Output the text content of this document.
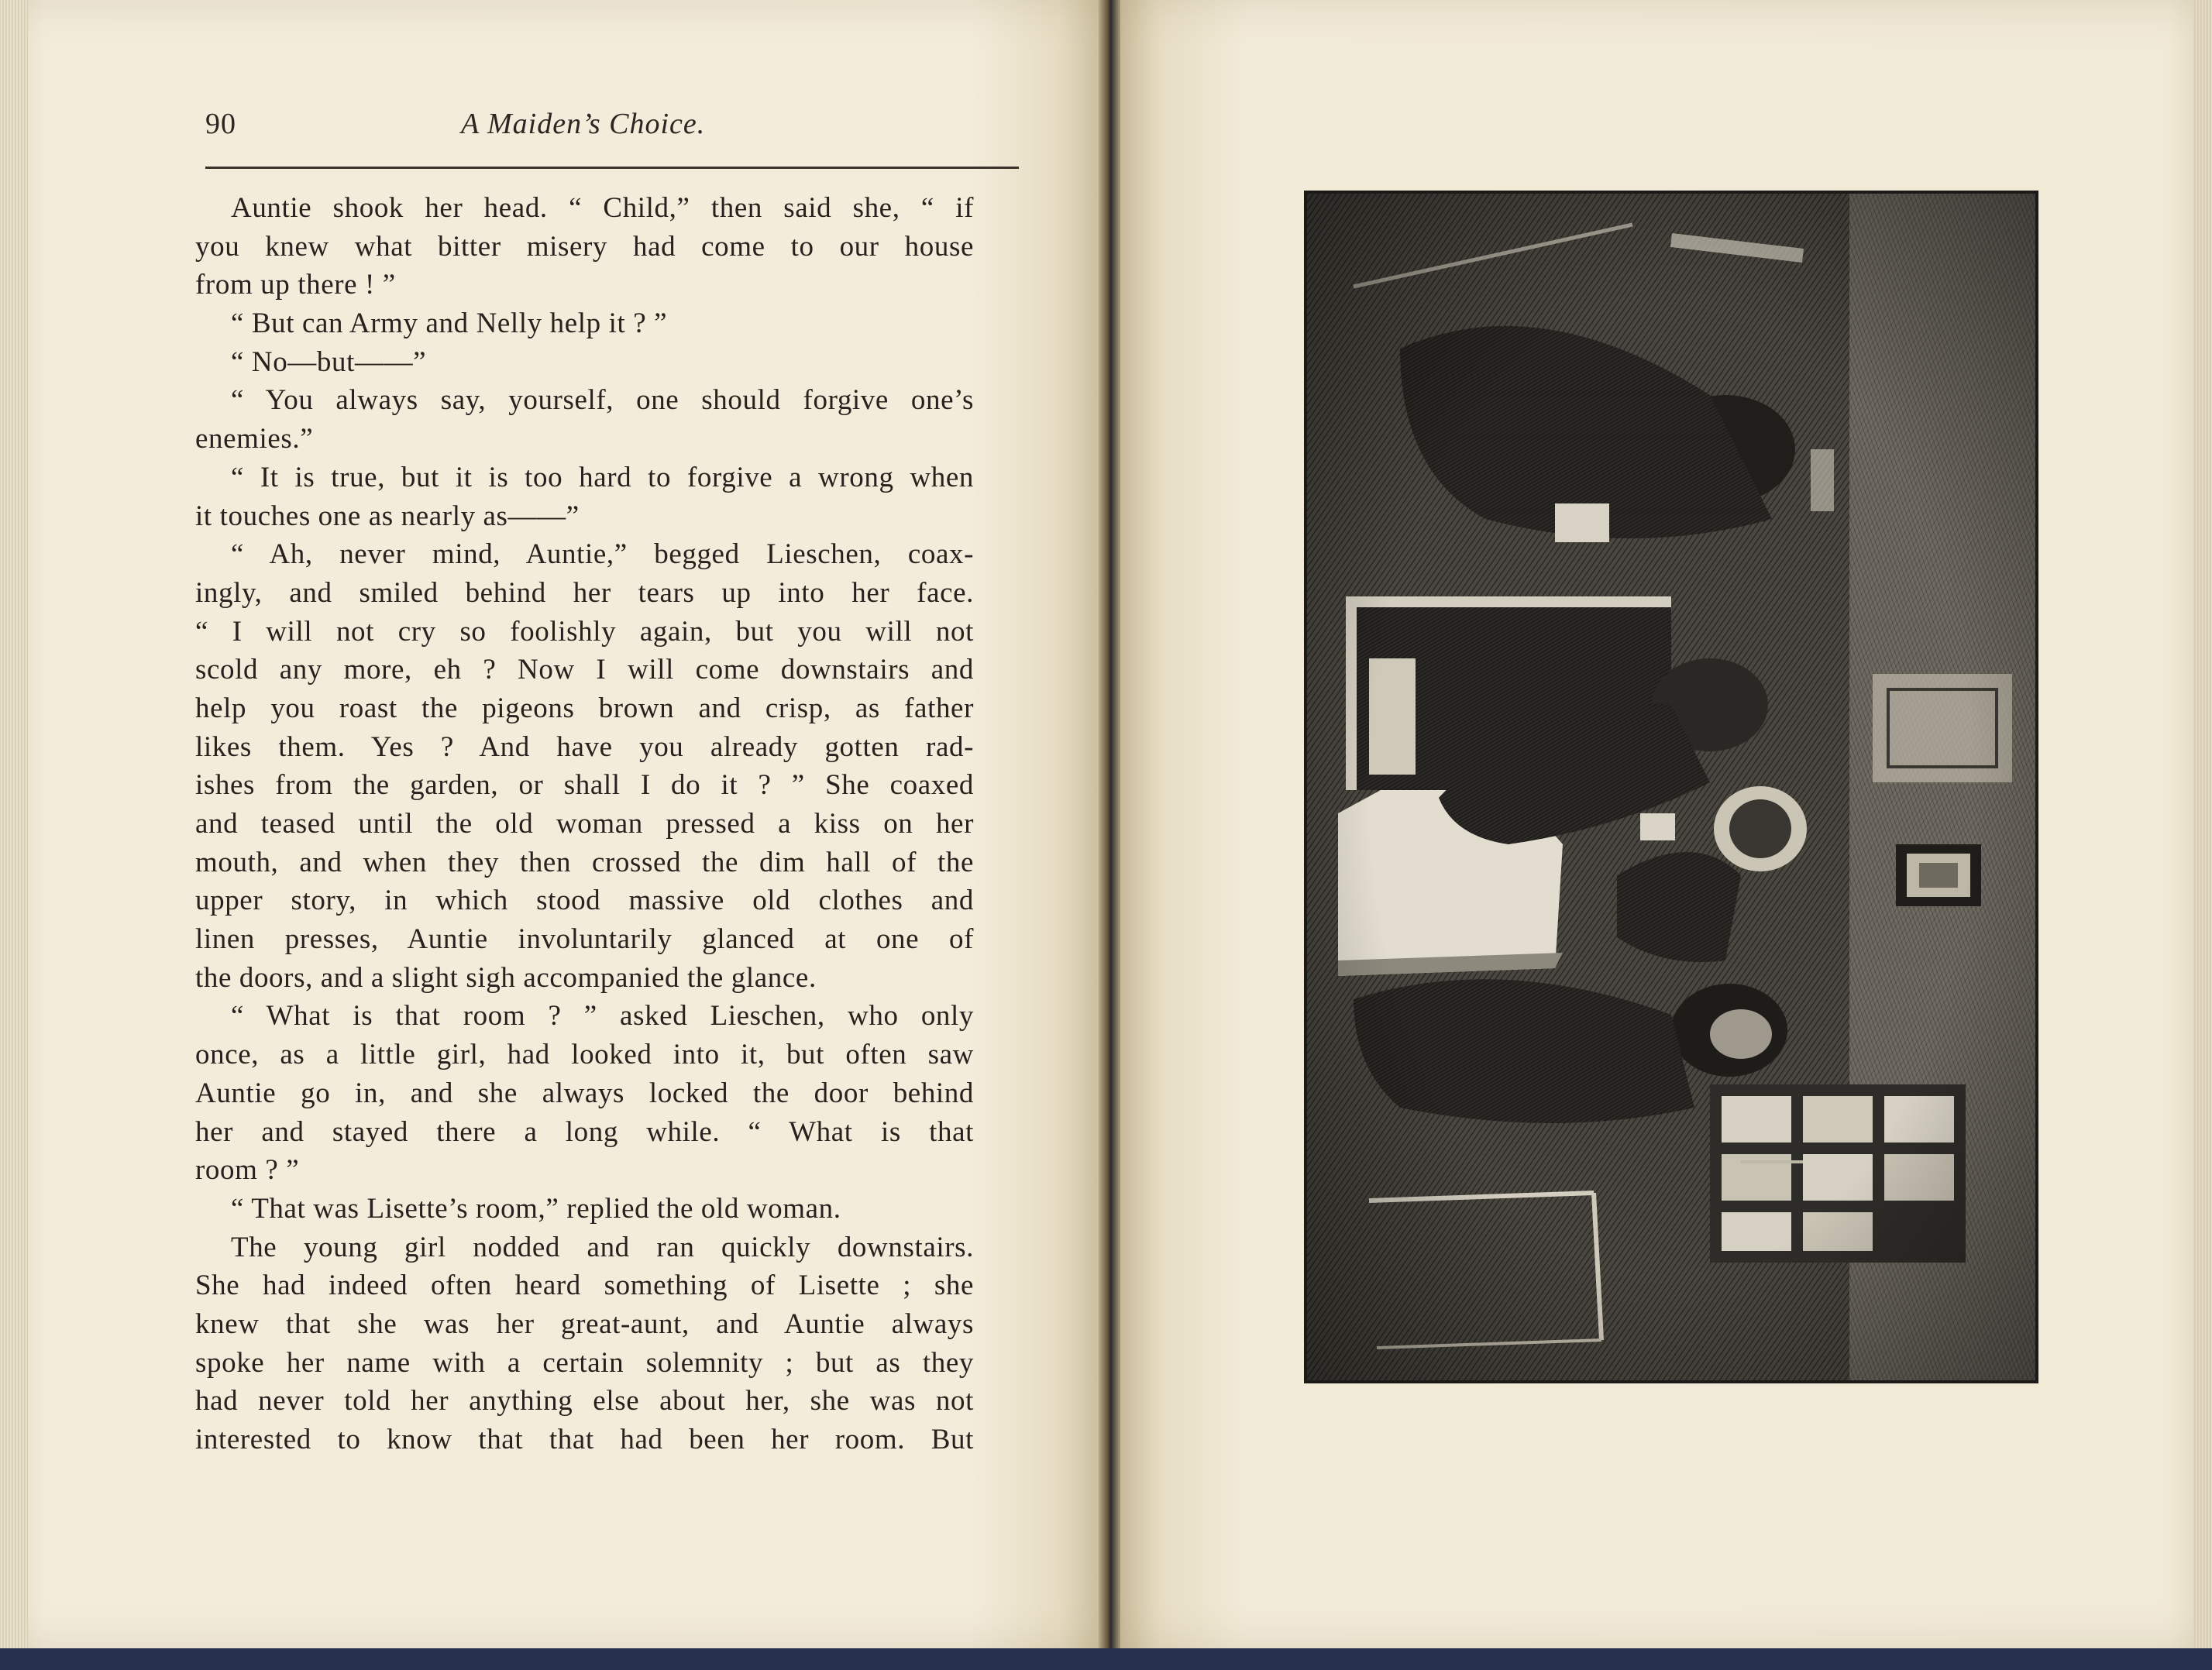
90	A Maiden’s Choice.
Auntie shook her head. “ Child,” then said she, “ if
you knew what bitter misery had come to our house
from up there ! ”
“ But can Army and Nelly help it ? ”
“ No—but——”
“ You always say, yourself, one should forgive one’s
enemies.”
“ It is true, but it is too hard to forgive a wrong when
it touches one as nearly as——”
“ Ah, never mind, Auntie,” begged Lieschen, coax-
ingly, and smiled behind her tears up into her face.
“ I will not cry so foolishly again, but you will not
scold any more, eh ? Now I will come downstairs and
help you roast the pigeons brown and crisp, as father
likes them. Yes ? And have you already gotten rad-
ishes from the garden, or shall I do it ? ” She coaxed
and teased until the old woman pressed a kiss on her
mouth, and when they then crossed the dim hall of the
upper story, in which stood massive old clothes and
linen presses, Auntie involuntarily glanced at one of
the doors, and a slight sigh accompanied the glance.
“ What is that room ? ” asked Lieschen, who only
once, as a little girl, had looked into it, but often saw
Auntie go in, and she always locked the door behind
her and stayed there a long while. “ What is that
room ? ”
“ That was Lisette’s room,” replied the old woman.
The young girl nodded and ran quickly downstairs.
She had indeed often heard something of Lisette ; she
knew that she was her great-aunt, and Auntie always
spoke her name with a certain solemnity ; but as they
had never told her anything else about her, she was not
interested to know that that had been her room. But
